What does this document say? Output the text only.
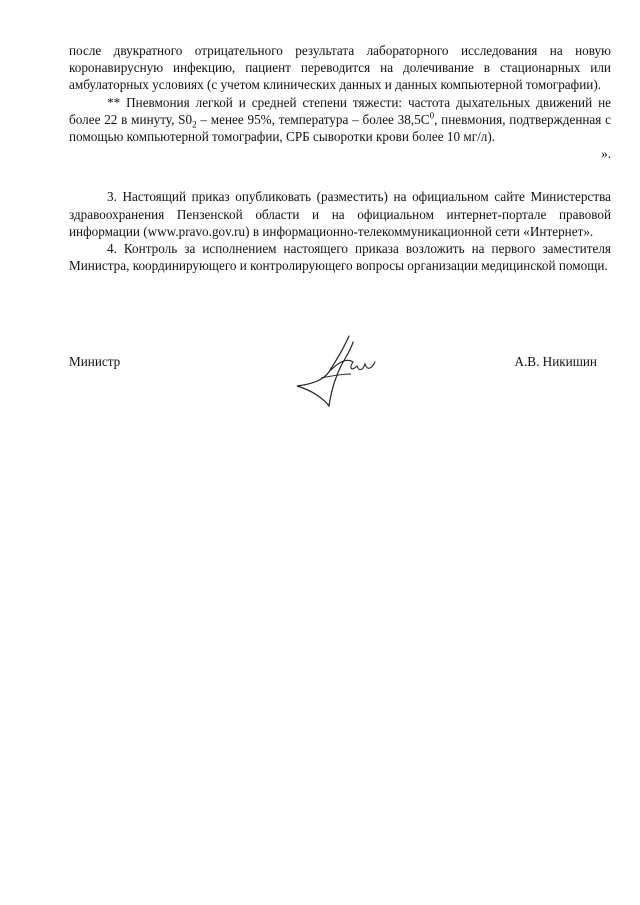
после двукратного отрицательного результата лабораторного исследования на новую коронавирусную инфекцию, пациент переводится на долечивание в стационарных или амбулаторных условиях (с учетом клинических данных и данных компьютерной томографии).

** Пневмония легкой и средней степени тяжести: частота дыхательных движений не более 22 в минуту, $S0_2$ – менее 95%, температура – более $38,5С^0$, пневмония, подтвержденная с помощью компьютерной томографии, СРБ сыворотки крови более 10 мг/л).

».

3. Настоящий приказ опубликовать (разместить) на официальном сайте Министерства здравоохранения Пензенской области и на официальном интернет-портале правовой информации (www.pravo.gov.ru) в информационно-телекоммуникационной сети «Интернет».

4. Контроль за исполнением настоящего приказа возложить на первого заместителя Министра, координирующего и контролирующего вопросы организации медицинской помощи.

Министр	А.В. Никишин
